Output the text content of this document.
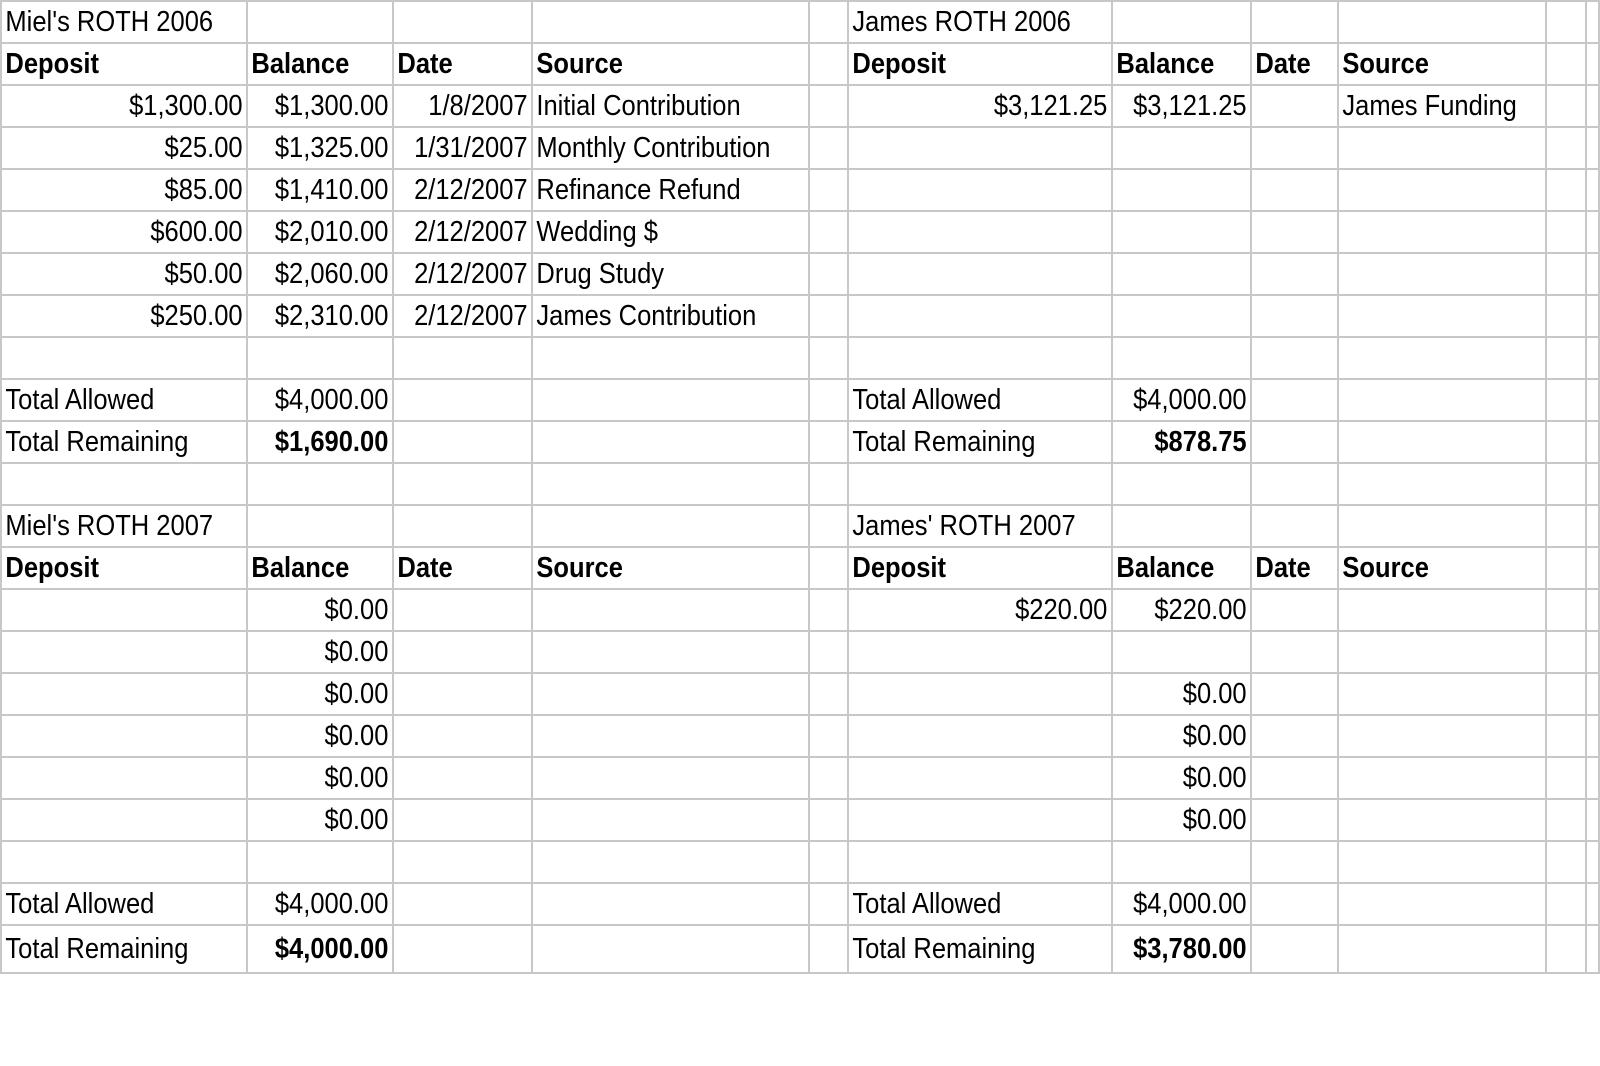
Miel's ROTH 2006					James ROTH 2006					
Deposit	Balance	Date	Source		Deposit	Balance	Date	Source		
$1,300.00	$1,300.00	1/8/2007	Initial Contribution		$3,121.25	$3,121.25		James Funding		
$25.00	$1,325.00	1/31/2007	Monthly Contribution							
$85.00	$1,410.00	2/12/2007	Refinance Refund							
$600.00	$2,010.00	2/12/2007	Wedding $							
$50.00	$2,060.00	2/12/2007	Drug Study							
$250.00	$2,310.00	2/12/2007	James Contribution							

Total Allowed	$4,000.00				Total Allowed	$4,000.00				
Total Remaining	$1,690.00				Total Remaining	$878.75				

Miel's ROTH 2007					James' ROTH 2007					
Deposit	Balance	Date	Source		Deposit	Balance	Date	Source		
	$0.00				$220.00	$220.00				
	$0.00									
	$0.00					$0.00				
	$0.00					$0.00				
	$0.00					$0.00				
	$0.00					$0.00				

Total Allowed	$4,000.00				Total Allowed	$4,000.00				
Total Remaining	$4,000.00				Total Remaining	$3,780.00				
